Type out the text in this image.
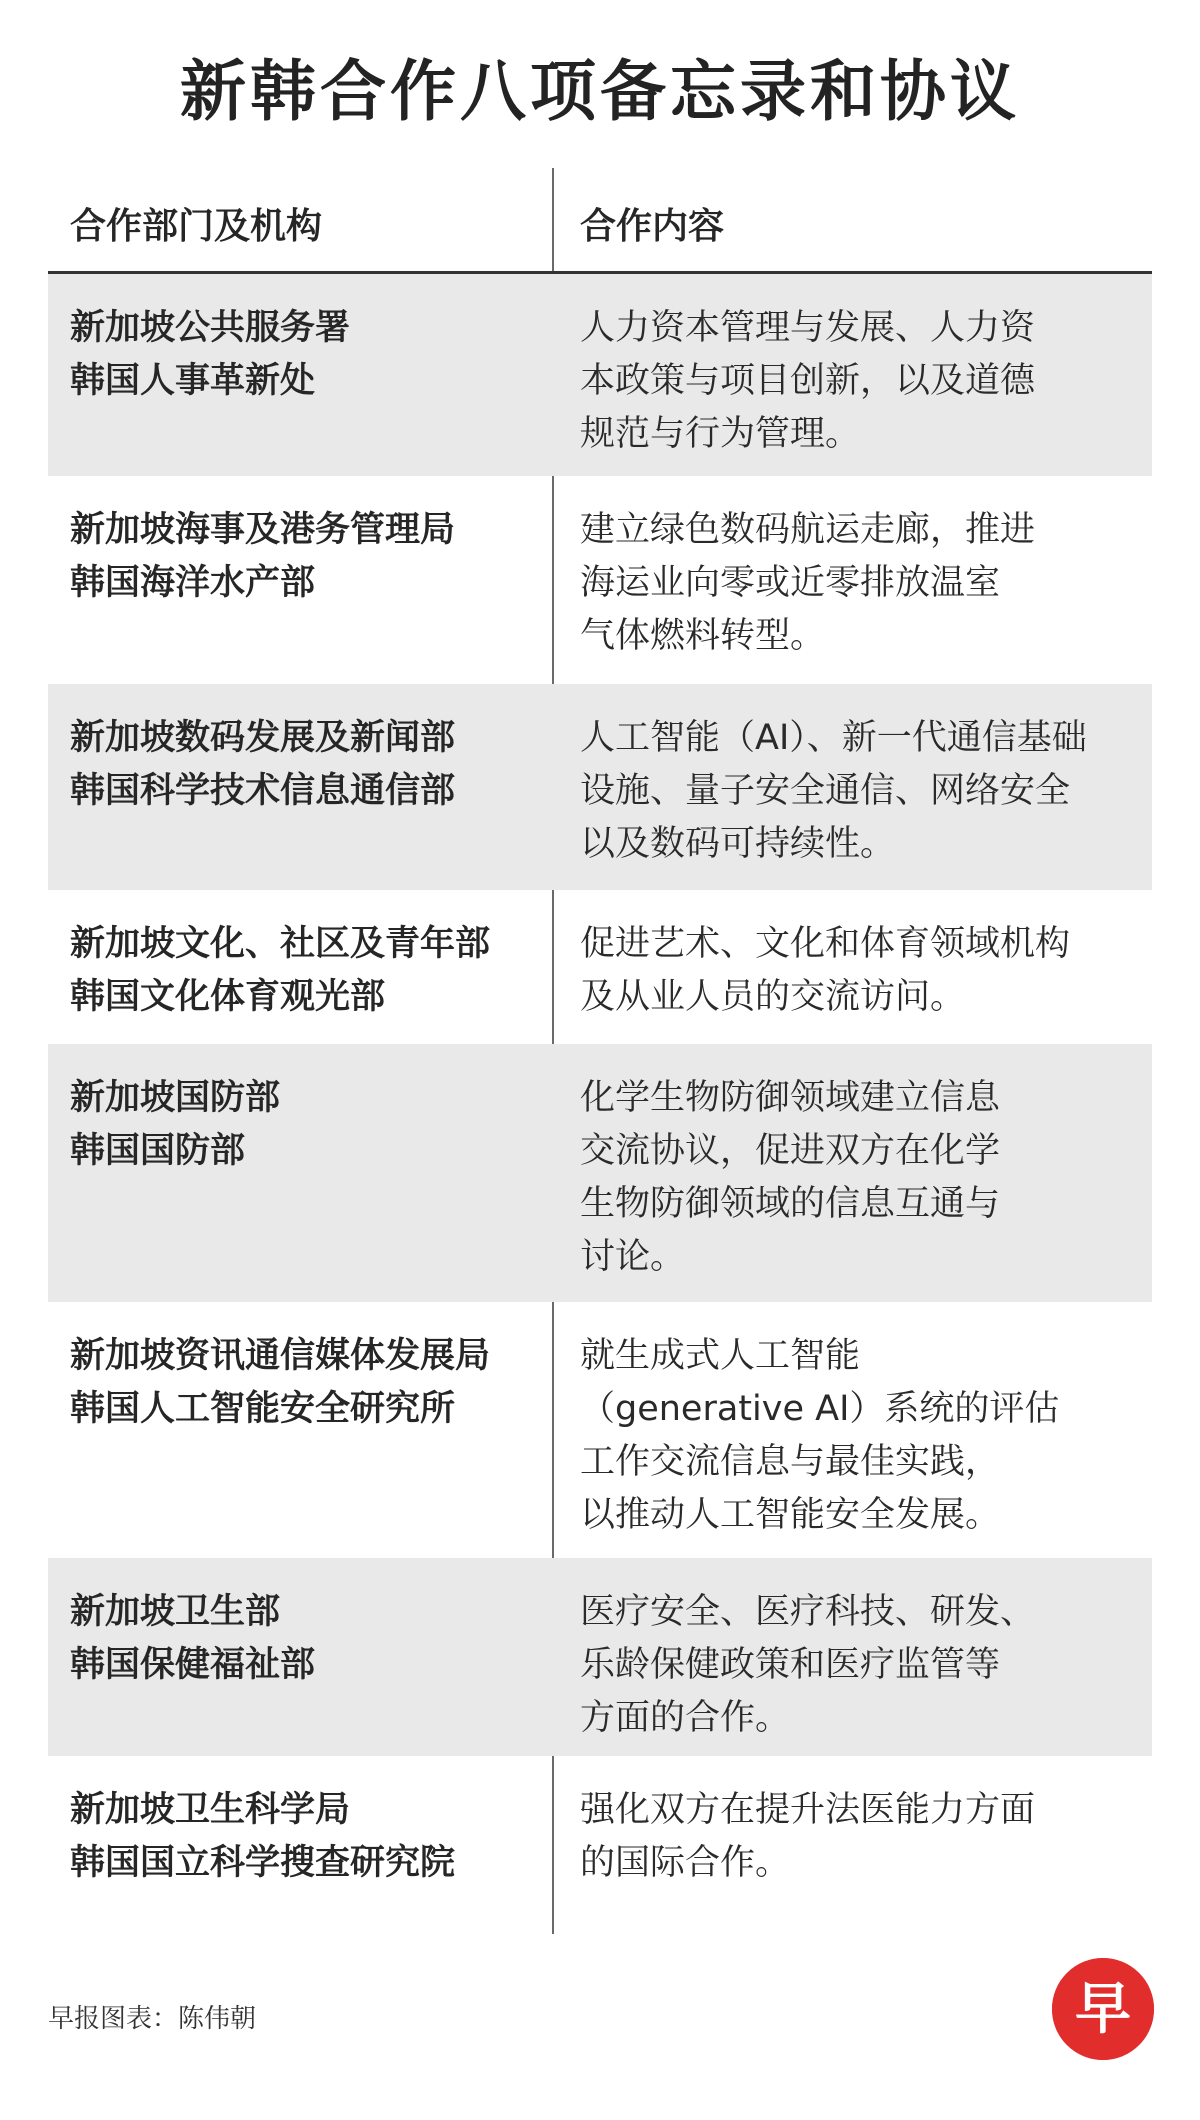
新韩合作八项备忘录和协议
合作部门及机构	合作内容
新加坡公共服务署
韩国人事革新处
人力资本管理与发展、人力资
本政策与项目创新，以及道德
规范与行为管理。
新加坡海事及港务管理局
韩国海洋水产部
建立绿色数码航运走廊，推进
海运业向零或近零排放温室
气体燃料转型。
新加坡数码发展及新闻部
韩国科学技术信息通信部
人工智能（AI）、新一代通信基础
设施、量子安全通信、网络安全
以及数码可持续性。
新加坡文化、社区及青年部
韩国文化体育观光部
促进艺术、文化和体育领域机构
及从业人员的交流访问。
新加坡国防部
韩国国防部
化学生物防御领域建立信息
交流协议，促进双方在化学
生物防御领域的信息互通与
讨论。
新加坡资讯通信媒体发展局
韩国人工智能安全研究所
就生成式人工智能
（generative AI）系统的评估
工作交流信息与最佳实践，
以推动人工智能安全发展。
新加坡卫生部
韩国保健福祉部
医疗安全、医疗科技、研发、
乐龄保健政策和医疗监管等
方面的合作。
新加坡卫生科学局
韩国国立科学搜查研究院
强化双方在提升法医能力方面
的国际合作。
早报图表：陈伟朝	早
